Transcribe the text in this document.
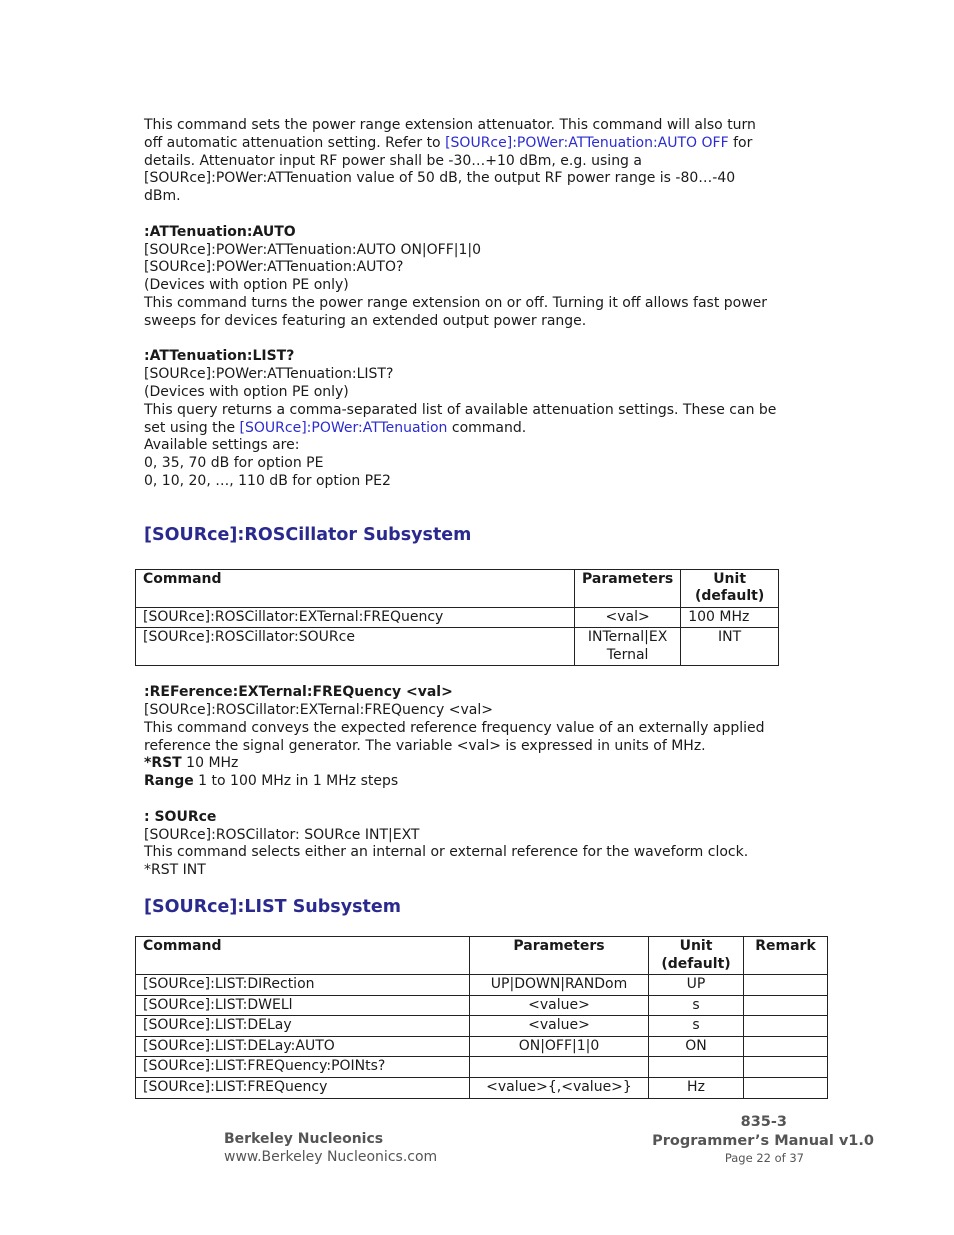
This command sets the power range extension attenuator. This command will also turn

off automatic attenuation setting. Refer to [SOURce]:POWer:ATTenuation:AUTO OFF for

details. Attenuator input RF power shall be -30…+10 dBm, e.g. using a

[SOURce]:POWer:ATTenuation value of 50 dB, the output RF power range is -80…-40

dBm.

:ATTenuation:AUTO

[SOURce]:POWer:ATTenuation:AUTO ON|OFF|1|0

[SOURce]:POWer:ATTenuation:AUTO?

(Devices with option PE only)

This command turns the power range extension on or off. Turning it off allows fast power

sweeps for devices featuring an extended output power range.

:ATTenuation:LIST?

[SOURce]:POWer:ATTenuation:LIST?

(Devices with option PE only)

This query returns a comma-separated list of available attenuation settings. These can be

set using the [SOURce]:POWer:ATTenuation command.

Available settings are:

0, 35, 70 dB for option PE

0, 10, 20, …, 110 dB for option PE2

[SOURce]:ROSCillator Subsystem

Command	Parameters	Unit
(default)
[SOURce]:ROSCillator:EXTernal:FREQuency	<val>	100 MHz
[SOURce]:ROSCillator:SOURce	INTernal|EX
Ternal	INT

:REFerence:EXTernal:FREQuency <val>

[SOURce]:ROSCillator:EXTernal:FREQuency <val>

This command conveys the expected reference frequency value of an externally applied

reference the signal generator. The variable <val> is expressed in units of MHz.

*RST 10 MHz

Range 1 to 100 MHz in 1 MHz steps

: SOURce

[SOURce]:ROSCillator: SOURce INT|EXT

This command selects either an internal or external reference for the waveform clock.

*RST INT

[SOURce]:LIST Subsystem

Command	Parameters	Unit
(default)	Remark
[SOURce]:LIST:DIRection	UP|DOWN|RANDom	UP	
[SOURce]:LIST:DWELl	<value>	s	
[SOURce]:LIST:DELay	<value>	s	
[SOURce]:LIST:DELay:AUTO	ON|OFF|1|0	ON	
[SOURce]:LIST:FREQuency:POINts?			
[SOURce]:LIST:FREQuency	<value>{,<value>}	Hz	
Berkeley Nucleonics
www.Berkeley Nucleonics.com
835-3
Programmer’s Manual v1.0
Page 22 of 37
